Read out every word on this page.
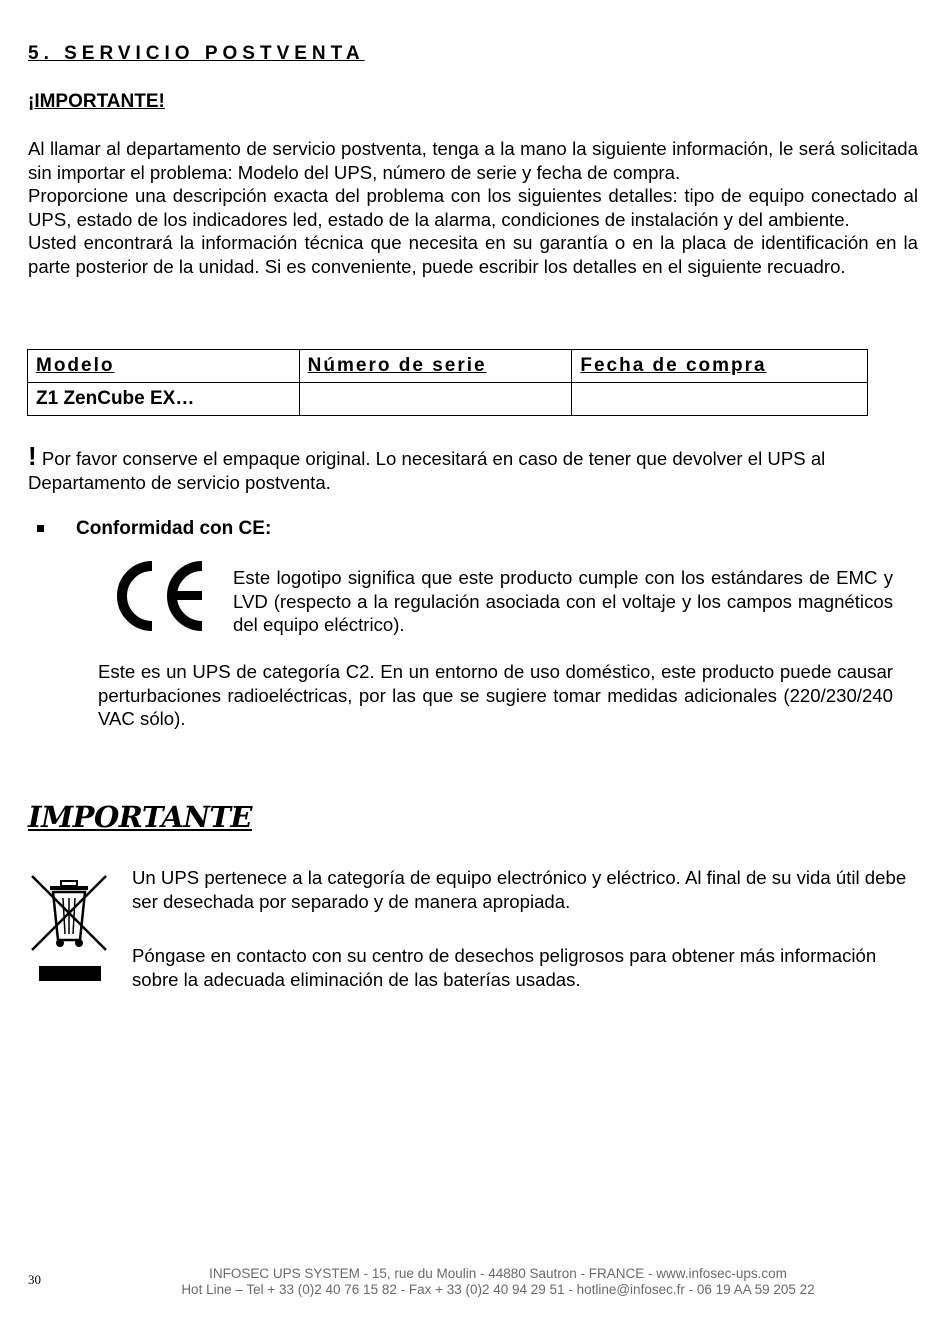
5. SERVICIO POSTVENTA
¡IMPORTANTE!

Al llamar al departamento de servicio postventa, tenga a la mano la siguiente información, le será solicitada sin importar el problema: Modelo del UPS, número de serie y fecha de compra.

Proporcione una descripción exacta del problema con los siguientes detalles: tipo de equipo conectado al UPS, estado de los indicadores led, estado de la alarma, condiciones de instalación y del ambiente.

Usted encontrará la información técnica que necesita en su garantía o en la placa de identificación en la parte posterior de la unidad. Si es conveniente, puede escribir los detalles en el siguiente recuadro.

Modelo	Número de serie	Fecha de compra
Z1 ZenCube EX…		
! Por favor conserve el empaque original. Lo necesitará en caso de tener que devolver el UPS al Departamento de servicio postventa.
Conformidad con CE:
Este logotipo significa que este producto cumple con los estándares de EMC y LVD (respecto a la regulación asociada con el voltaje y los campos magnéticos del equipo eléctrico).
Este es un UPS de categoría C2. En un entorno de uso doméstico, este producto puede causar perturbaciones radioeléctricas, por las que se sugiere tomar medidas adicionales (220/230/240 VAC sólo).
IMPORTANTE
Un UPS pertenece a la categoría de equipo electrónico y eléctrico. Al final de su vida útil debe ser desechada por separado y de manera apropiada.
Póngase en contacto con su centro de desechos peligrosos para obtener más información sobre la adecuada eliminación de las baterías usadas.
30	INFOSEC UPS SYSTEM - 15, rue du Moulin - 44880 Sautron - FRANCE - www.infosec-ups.com
Hot Line – Tel + 33 (0)2 40 76 15 82 - Fax + 33 (0)2 40 94 29 51 - hotline@infosec.fr - 06 19 AA 59 205 22
